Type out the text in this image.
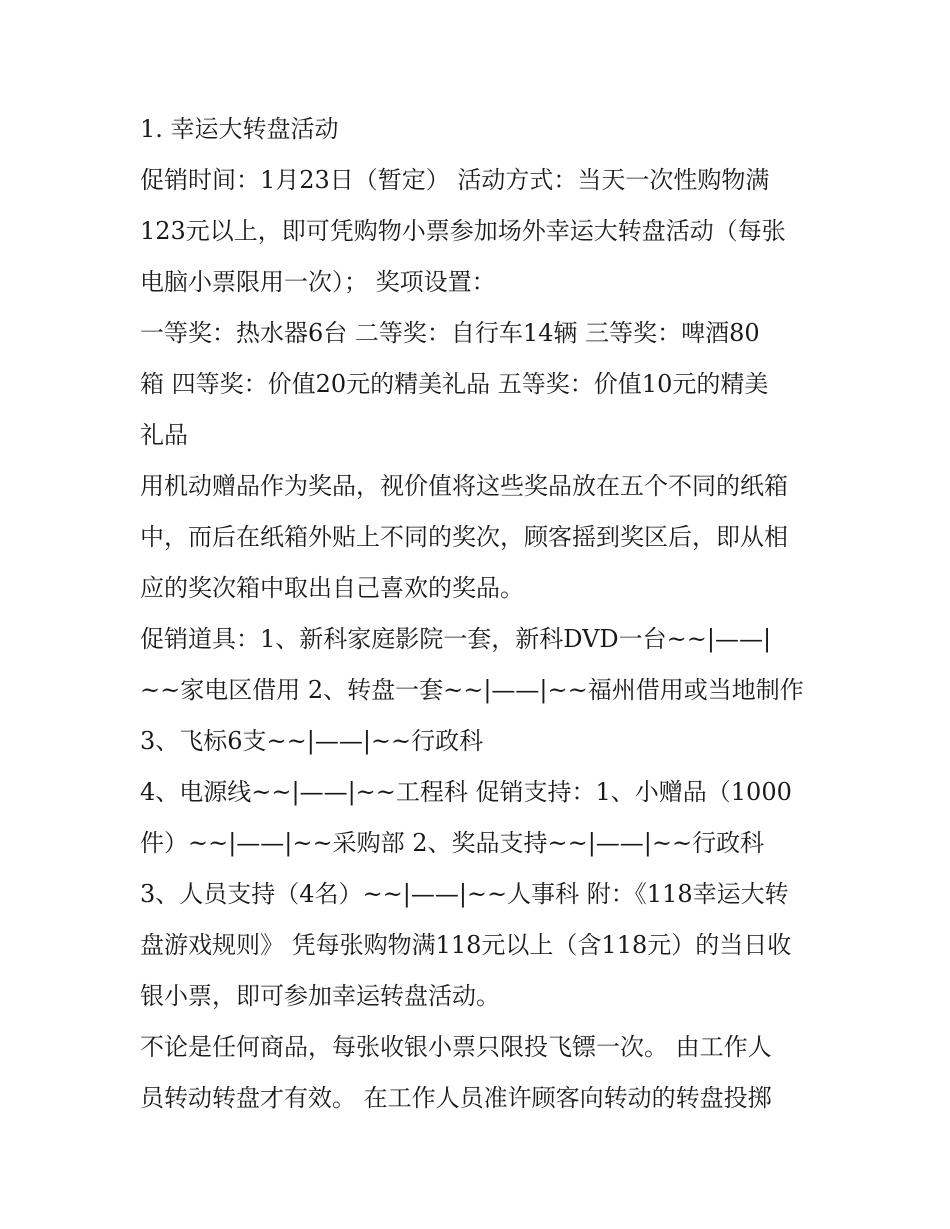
1. 幸运大转盘活动
促销时间：1月23日（暂定） 活动方式：当天一次性购物满
123元以上，即可凭购物小票参加场外幸运大转盘活动（每张
电脑小票限用一次）； 奖项设置：
一等奖：热水器6台 二等奖：自行车14辆 三等奖：啤酒80
箱 四等奖：价值20元的精美礼品 五等奖：价值10元的精美
礼品
用机动赠品作为奖品，视价值将这些奖品放在五个不同的纸箱
中，而后在纸箱外贴上不同的奖次，顾客摇到奖区后，即从相
应的奖次箱中取出自己喜欢的奖品。
促销道具：1、新科家庭影院一套，新科DVD一台~~|——|
~~家电区借用 2、转盘一套~~|——|~~福州借用或当地制作
3、飞标6支~~|——|~~行政科
4、电源线~~|——|~~工程科 促销支持：1、小赠品（1000
件）~~|——|~~采购部 2、奖品支持~~|——|~~行政科
3、人员支持（4名）~~|——|~~人事科 附：《118幸运大转
盘游戏规则》 凭每张购物满118元以上（含118元）的当日收
银小票，即可参加幸运转盘活动。
不论是任何商品，每张收银小票只限投飞镖一次。 由工作人
员转动转盘才有效。 在工作人员准许顾客向转动的转盘投掷
